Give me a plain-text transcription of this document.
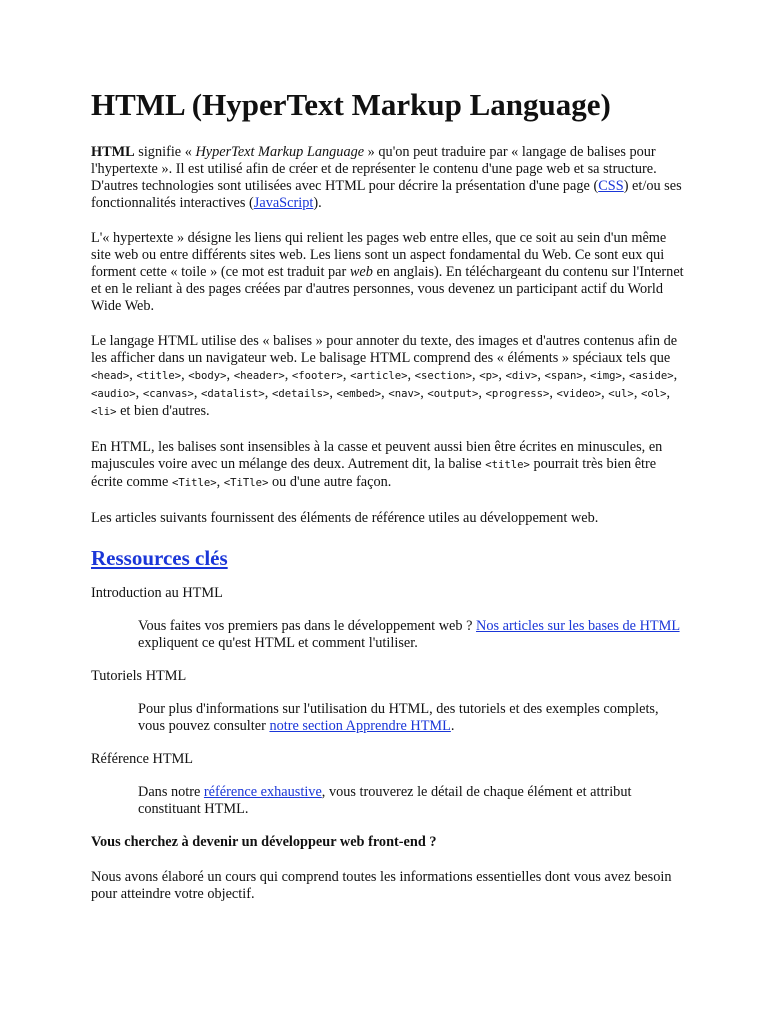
HTML (HyperText Markup Language)

HTML signifie « HyperText Markup Language » qu'on peut traduire par « langage de balises pour l'hypertexte ». Il est utilisé afin de créer et de représenter le contenu d'une page web et sa structure. D'autres technologies sont utilisées avec HTML pour décrire la présentation d'une page (CSS) et/ou ses fonctionnalités interactives (JavaScript).

L'« hypertexte » désigne les liens qui relient les pages web entre elles, que ce soit au sein d'un même site web ou entre différents sites web. Les liens sont un aspect fondamental du Web. Ce sont eux qui forment cette « toile » (ce mot est traduit par web en anglais). En téléchargeant du contenu sur l'Internet et en le reliant à des pages créées par d'autres personnes, vous devenez un participant actif du World Wide Web.

Le langage HTML utilise des « balises » pour annoter du texte, des images et d'autres contenus afin de les afficher dans un navigateur web. Le balisage HTML comprend des « éléments » spéciaux tels que <head>, <title>, <body>, <header>, <footer>, <article>, <section>, <p>, <div>, <span>, <img>, <aside>, <audio>, <canvas>, <datalist>, <details>, <embed>, <nav>, <output>, <progress>, <video>, <ul>, <ol>, <li> et bien d'autres.

En HTML, les balises sont insensibles à la casse et peuvent aussi bien être écrites en minuscules, en majuscules voire avec un mélange des deux. Autrement dit, la balise <title> pourrait très bien être écrite comme <Title>, <TiTle> ou d'une autre façon.

Les articles suivants fournissent des éléments de référence utiles au développement web.

Ressources clés
Introduction au HTML
Vous faites vos premiers pas dans le développement web ? Nos articles sur les bases de HTML expliquent ce qu'est HTML et comment l'utiliser.
Tutoriels HTML
Pour plus d'informations sur l'utilisation du HTML, des tutoriels et des exemples complets, vous pouvez consulter notre section Apprendre HTML.
Référence HTML
Dans notre référence exhaustive, vous trouverez le détail de chaque élément et attribut constituant HTML.

Vous cherchez à devenir un développeur web front-end ?

Nous avons élaboré un cours qui comprend toutes les informations essentielles dont vous avez besoin pour atteindre votre objectif.
